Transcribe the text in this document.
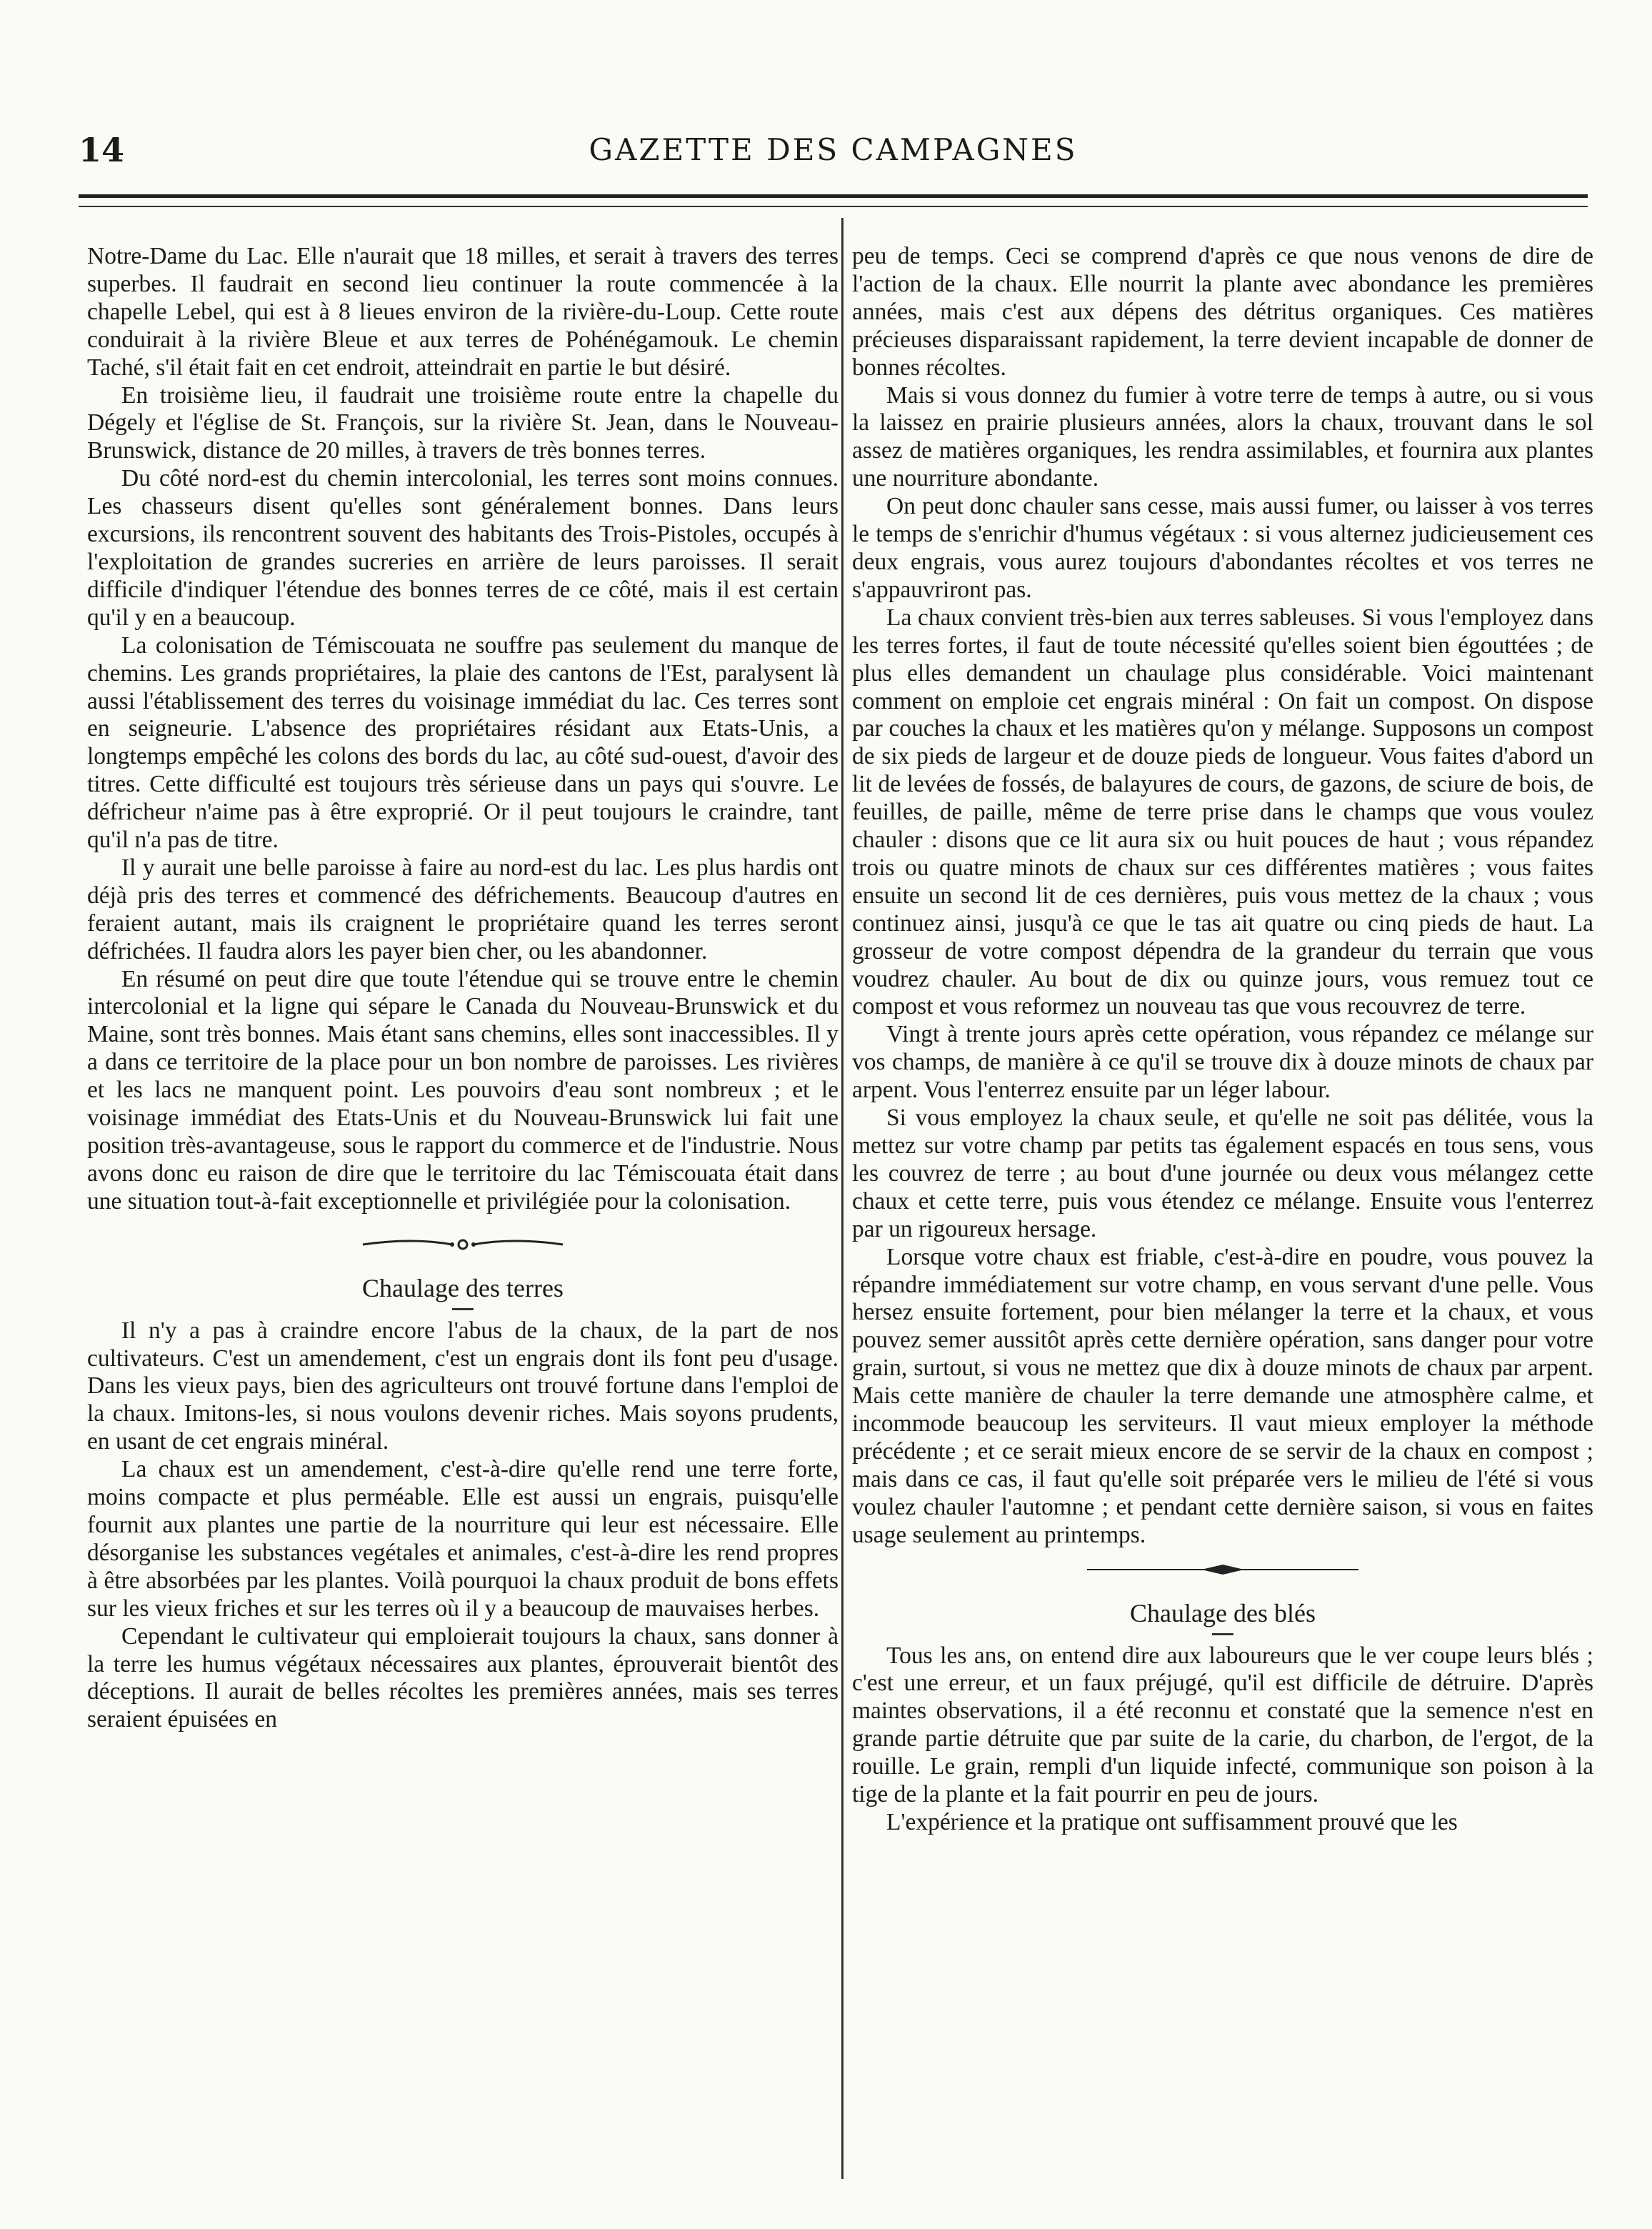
14	GAZETTE DES CAMPAGNES

Notre-Dame du Lac. Elle n'aurait que 18 milles, et serait à travers des terres superbes. Il faudrait en second lieu continuer la route commencée à la chapelle Lebel, qui est à 8 lieues environ de la rivière-du-Loup. Cette route conduirait à la rivière Bleue et aux terres de Pohénégamouk. Le chemin Taché, s'il était fait en cet endroit, atteindrait en partie le but désiré.

En troisième lieu, il faudrait une troisième route entre la chapelle du Dégely et l'église de St. François, sur la rivière St. Jean, dans le Nouveau-Brunswick, distance de 20 milles, à travers de très bonnes terres.

Du côté nord-est du chemin intercolonial, les terres sont moins connues. Les chasseurs disent qu'elles sont généralement bonnes. Dans leurs excursions, ils rencontrent souvent des habitants des Trois-Pistoles, occupés à l'exploitation de grandes sucreries en arrière de leurs paroisses. Il serait difficile d'indiquer l'étendue des bonnes terres de ce côté, mais il est certain qu'il y en a beaucoup.

La colonisation de Témiscouata ne souffre pas seulement du manque de chemins. Les grands propriétaires, la plaie des cantons de l'Est, paralysent là aussi l'établissement des terres du voisinage immédiat du lac. Ces terres sont en seigneurie. L'absence des propriétaires résidant aux Etats-Unis, a longtemps empêché les colons des bords du lac, au côté sud-ouest, d'avoir des titres. Cette difficulté est toujours très sérieuse dans un pays qui s'ouvre. Le défricheur n'aime pas à être exproprié. Or il peut toujours le craindre, tant qu'il n'a pas de titre.

Il y aurait une belle paroisse à faire au nord-est du lac. Les plus hardis ont déjà pris des terres et commencé des défrichements. Beaucoup d'autres en feraient autant, mais ils craignent le propriétaire quand les terres seront défrichées. Il faudra alors les payer bien cher, ou les abandonner.

En résumé on peut dire que toute l'étendue qui se trouve entre le chemin intercolonial et la ligne qui sépare le Canada du Nouveau-Brunswick et du Maine, sont très bonnes. Mais étant sans chemins, elles sont inaccessibles. Il y a dans ce territoire de la place pour un bon nombre de paroisses. Les rivières et les lacs ne manquent point. Les pouvoirs d'eau sont nombreux ; et le voisinage immédiat des Etats-Unis et du Nouveau-Brunswick lui fait une position très-avantageuse, sous le rapport du commerce et de l'industrie. Nous avons donc eu raison de dire que le territoire du lac Témiscouata était dans une situation tout-à-fait exceptionnelle et privilégiée pour la colonisation.

Chaulage des terres

Il n'y a pas à craindre encore l'abus de la chaux, de la part de nos cultivateurs. C'est un amendement, c'est un engrais dont ils font peu d'usage. Dans les vieux pays, bien des agriculteurs ont trouvé fortune dans l'emploi de la chaux. Imitons-les, si nous voulons devenir riches. Mais soyons prudents, en usant de cet engrais minéral.

La chaux est un amendement, c'est-à-dire qu'elle rend une terre forte, moins compacte et plus perméable. Elle est aussi un engrais, puisqu'elle fournit aux plantes une partie de la nourriture qui leur est nécessaire. Elle désorganise les substances vegétales et animales, c'est-à-dire les rend propres à être absorbées par les plantes. Voilà pourquoi la chaux produit de bons effets sur les vieux friches et sur les terres où il y a beaucoup de mauvaises herbes.

Cependant le cultivateur qui emploierait toujours la chaux, sans donner à la terre les humus végétaux nécessaires aux plantes, éprouverait bientôt des déceptions. Il aurait de belles récoltes les premières années, mais ses terres seraient épuisées en

peu de temps. Ceci se comprend d'après ce que nous venons de dire de l'action de la chaux. Elle nourrit la plante avec abondance les premières années, mais c'est aux dépens des détritus organiques. Ces matières précieuses disparaissant rapidement, la terre devient incapable de donner de bonnes récoltes.

Mais si vous donnez du fumier à votre terre de temps à autre, ou si vous la laissez en prairie plusieurs années, alors la chaux, trouvant dans le sol assez de matières organiques, les rendra assimilables, et fournira aux plantes une nourriture abondante.

On peut donc chauler sans cesse, mais aussi fumer, ou laisser à vos terres le temps de s'enrichir d'humus végétaux : si vous alternez judicieusement ces deux engrais, vous aurez toujours d'abondantes récoltes et vos terres ne s'appauvriront pas.

La chaux convient très-bien aux terres sableuses. Si vous l'employez dans les terres fortes, il faut de toute nécessité qu'elles soient bien égouttées ; de plus elles demandent un chaulage plus considérable. Voici maintenant comment on emploie cet engrais minéral : On fait un compost. On dispose par couches la chaux et les matières qu'on y mélange. Supposons un compost de six pieds de largeur et de douze pieds de longueur. Vous faites d'abord un lit de levées de fossés, de balayures de cours, de gazons, de sciure de bois, de feuilles, de paille, même de terre prise dans le champs que vous voulez chauler : disons que ce lit aura six ou huit pouces de haut ; vous répandez trois ou quatre minots de chaux sur ces différentes matières ; vous faites ensuite un second lit de ces dernières, puis vous mettez de la chaux ; vous continuez ainsi, jusqu'à ce que le tas ait quatre ou cinq pieds de haut. La grosseur de votre compost dépendra de la grandeur du terrain que vous voudrez chauler. Au bout de dix ou quinze jours, vous remuez tout ce compost et vous reformez un nouveau tas que vous recouvrez de terre.

Vingt à trente jours après cette opération, vous répandez ce mélange sur vos champs, de manière à ce qu'il se trouve dix à douze minots de chaux par arpent. Vous l'enterrez ensuite par un léger labour.

Si vous employez la chaux seule, et qu'elle ne soit pas délitée, vous la mettez sur votre champ par petits tas également espacés en tous sens, vous les couvrez de terre ; au bout d'une journée ou deux vous mélangez cette chaux et cette terre, puis vous étendez ce mélange. Ensuite vous l'enterrez par un rigoureux hersage.

Lorsque votre chaux est friable, c'est-à-dire en poudre, vous pouvez la répandre immédiatement sur votre champ, en vous servant d'une pelle. Vous hersez ensuite fortement, pour bien mélanger la terre et la chaux, et vous pouvez semer aussitôt après cette dernière opération, sans danger pour votre grain, surtout, si vous ne mettez que dix à douze minots de chaux par arpent. Mais cette manière de chauler la terre demande une atmosphère calme, et incommode beaucoup les serviteurs. Il vaut mieux employer la méthode précédente ; et ce serait mieux encore de se servir de la chaux en compost ; mais dans ce cas, il faut qu'elle soit préparée vers le milieu de l'été si vous voulez chauler l'automne ; et pendant cette dernière saison, si vous en faites usage seulement au printemps.

Chaulage des blés

Tous les ans, on entend dire aux laboureurs que le ver coupe leurs blés ; c'est une erreur, et un faux préjugé, qu'il est difficile de détruire. D'après maintes observations, il a été reconnu et constaté que la semence n'est en grande partie détruite que par suite de la carie, du charbon, de l'ergot, de la rouille. Le grain, rempli d'un liquide infecté, communique son poison à la tige de la plante et la fait pourrir en peu de jours.

L'expérience et la pratique ont suffisamment prouvé que les
